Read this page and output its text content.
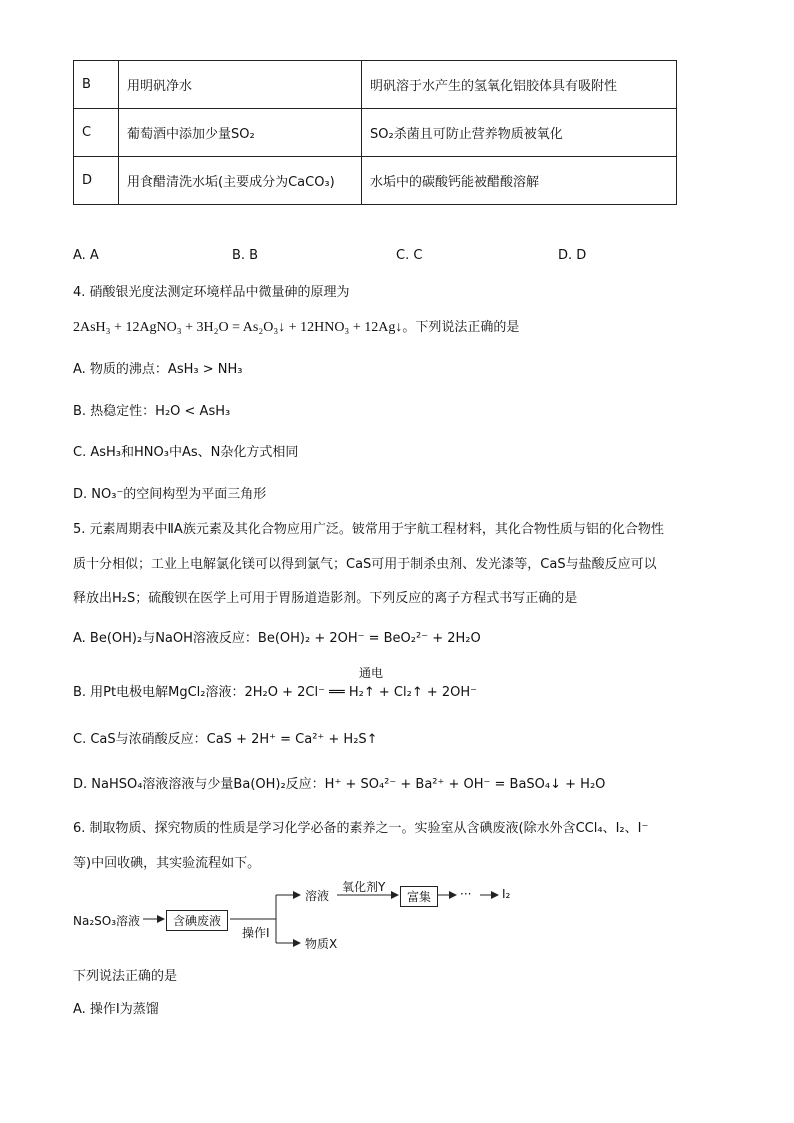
B	用明矾净水	明矾溶于水产生的氢氧化铝胶体具有吸附性
C	葡萄酒中添加少量SO₂	SO₂杀菌且可防止营养物质被氧化
D	用食醋清洗水垢(主要成分为CaCO₃)	水垢中的碳酸钙能被醋酸溶解
A. A	B. B	C. C	D. D
4. 硝酸银光度法测定环境样品中微量砷的原理为
2AsH₃ + 12AgNO₃ + 3H₂O = As₂O₃↓ + 12HNO₃ + 12Ag↓。下列说法正确的是
A. 物质的沸点：AsH₃ > NH₃
B. 热稳定性：H₂O < AsH₃
C. AsH₃和HNO₃中As、N杂化方式相同
D. NO₃⁻的空间构型为平面三角形
5. 元素周期表中ⅡA族元素及其化合物应用广泛。铍常用于宇航工程材料，其化合物性质与铝的化合物性
质十分相似；工业上电解氯化镁可以得到氯气；CaS可用于制杀虫剂、发光漆等，CaS与盐酸反应可以
释放出H₂S；硫酸钡在医学上可用于胃肠道造影剂。下列反应的离子方程式书写正确的是
A. Be(OH)₂与NaOH溶液反应：Be(OH)₂ + 2OH⁻ = BeO₂²⁻ + 2H₂O
通电
B. 用Pt电极电解MgCl₂溶液：2H₂O + 2Cl⁻ ══ H₂↑ + Cl₂↑ + 2OH⁻
C. CaS与浓硝酸反应：CaS + 2H⁺ = Ca²⁺ + H₂S↑
D. NaHSO₄溶液溶液与少量Ba(OH)₂反应：H⁺ + SO₄²⁻ + Ba²⁺ + OH⁻ = BaSO₄↓ + H₂O
6. 制取物质、探究物质的性质是学习化学必备的素养之一。实验室从含碘废液(除水外含CCl₄、I₂、I⁻
等)中回收碘，其实验流程如下。
Na₂SO₃溶液	含碘废液
操作I
溶液
氧化剂Y
富集	···	I₂
物质X
下列说法正确的是
A. 操作Ⅰ为蒸馏
